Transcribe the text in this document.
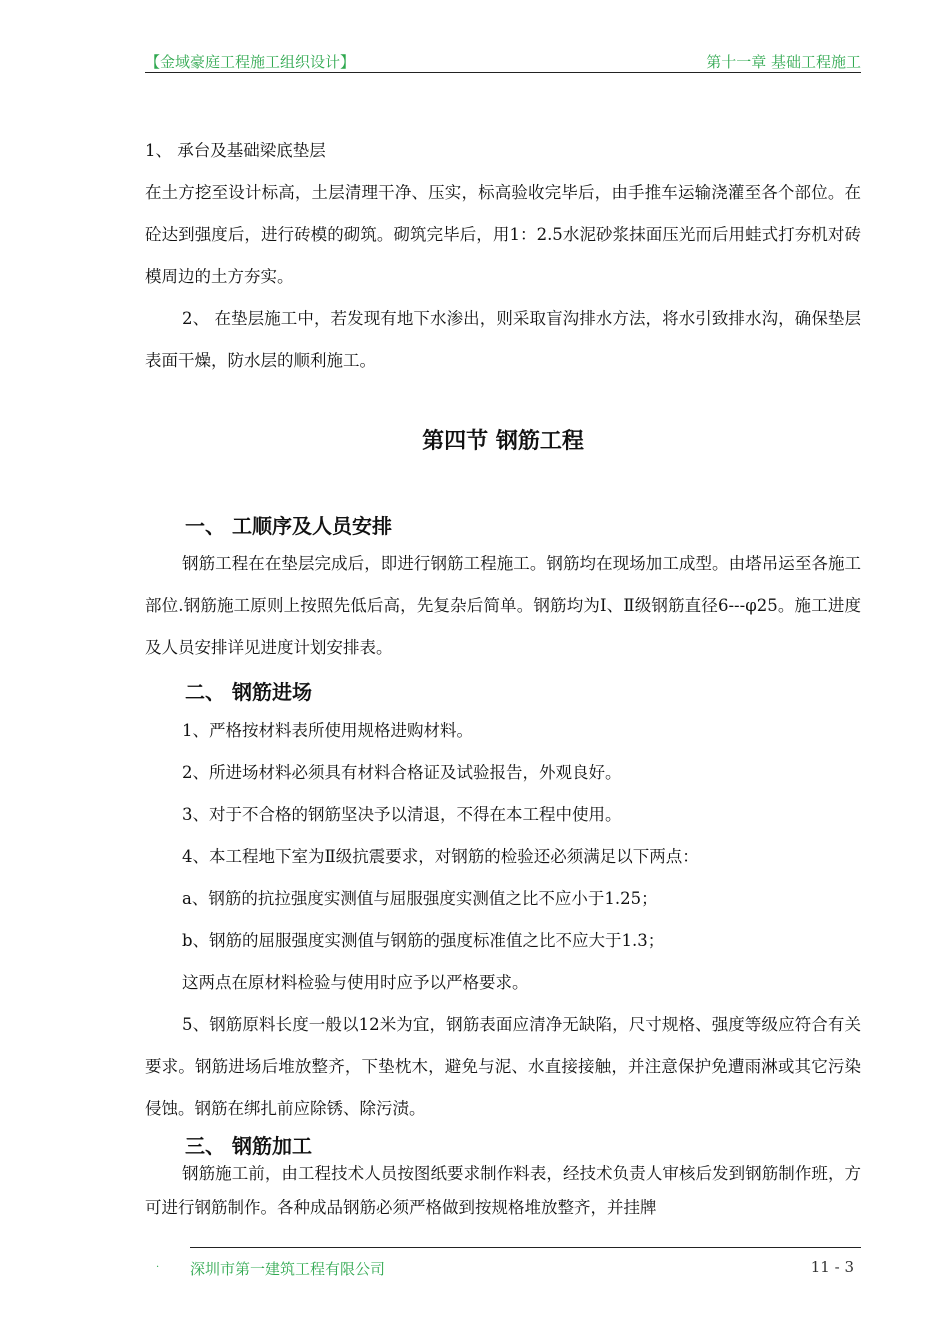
【金域豪庭工程施工组织设计】	第十一章 基础工程施工

1、 承台及基础梁底垫层

在土方挖至设计标高，土层清理干净、压实，标高验收完毕后，由手推车运输浇灌至各个部位。在砼达到强度后，进行砖模的砌筑。砌筑完毕后，用1：2.5水泥砂浆抹面压光而后用蛙式打夯机对砖模周边的土方夯实。

2、 在垫层施工中，若发现有地下水渗出，则采取盲沟排水方法，将水引致排水沟，确保垫层表面干燥，防水层的顺利施工。

第四节 钢筋工程
一、 工顺序及人员安排

钢筋工程在在垫层完成后，即进行钢筋工程施工。钢筋均在现场加工成型。由塔吊运至各施工部位.钢筋施工原则上按照先低后高，先复杂后简单。钢筋均为Ⅰ、Ⅱ级钢筋直径6---φ25。施工进度及人员安排详见进度计划安排表。

二、 钢筋进场

1、严格按材料表所使用规格进购材料。

2、所进场材料必须具有材料合格证及试验报告，外观良好。

3、对于不合格的钢筋坚决予以清退，不得在本工程中使用。

4、本工程地下室为Ⅱ级抗震要求，对钢筋的检验还必须满足以下两点：

a、钢筋的抗拉强度实测值与屈服强度实测值之比不应小于1.25；

b、钢筋的屈服强度实测值与钢筋的强度标准值之比不应大于1.3；

这两点在原材料检验与使用时应予以严格要求。

5、钢筋原料长度一般以12米为宜，钢筋表面应清净无缺陷，尺寸规格、强度等级应符合有关要求。钢筋进场后堆放整齐，下垫枕木，避免与泥、水直接接触，并注意保护免遭雨淋或其它污染侵蚀。钢筋在绑扎前应除锈、除污渍。

三、 钢筋加工

钢筋施工前，由工程技术人员按图纸要求制作料表，经技术负责人审核后发到钢筋制作班，方可进行钢筋制作。各种成品钢筋必须严格做到按规格堆放整齐，并挂牌

· 深圳市第一建筑工程有限公司	11 - 3
